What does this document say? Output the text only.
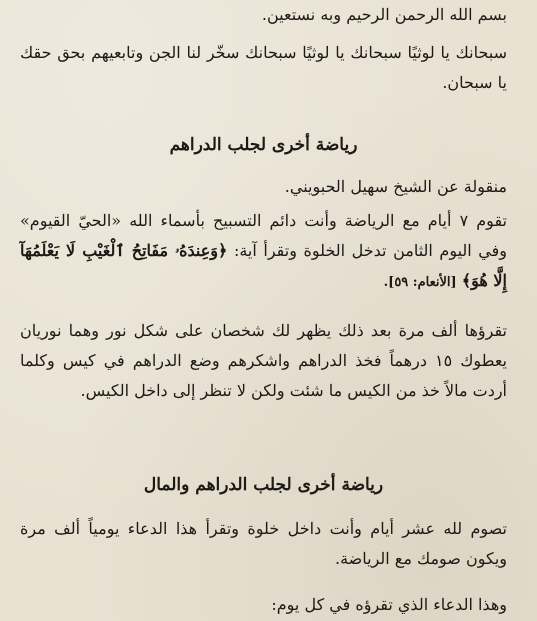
بسم الله الرحمن الرحيم وبه نستعين.

سبحانك يا لوثيًا سبحانك يا لوثيًا سبحانك سخّر لنا الجن وتابعيهم بحق حقك يا سبحان.

رياضة أخرى لجلب الدراهم

منقولة عن الشيخ سهيل الحبويني.

تقوم ٧ أيام مع الرياضة وأنت دائم التسبيح بأسماء الله «الحيّ القيوم» وفي اليوم الثامن تدخل الخلوة وتقرأ آية: ﴿وَعِندَهُۥ مَفَاتِحُ ٱلْغَيْبِ لَا يَعْلَمُهَآ إِلَّا هُوَ﴾ [الأنعام: ٥٩].

تقرؤها ألف مرة بعد ذلك يظهر لك شخصان على شكل نور وهما نوريان يعطوك ١٥ درهماً فخذ الدراهم واشكرهم وضع الدراهم في كيس وكلما أردت مالاً خذ من الكيس ما شئت ولكن لا تنظر إلى داخل الكيس.

رياضة أخرى لجلب الدراهم والمال

تصوم لله عشر أيام وأنت داخل خلوة وتقرأ هذا الدعاء يومياً ألف مرة ويكون صومك مع الرياضة.

وهذا الدعاء الذي تقرؤه في كل يوم:
